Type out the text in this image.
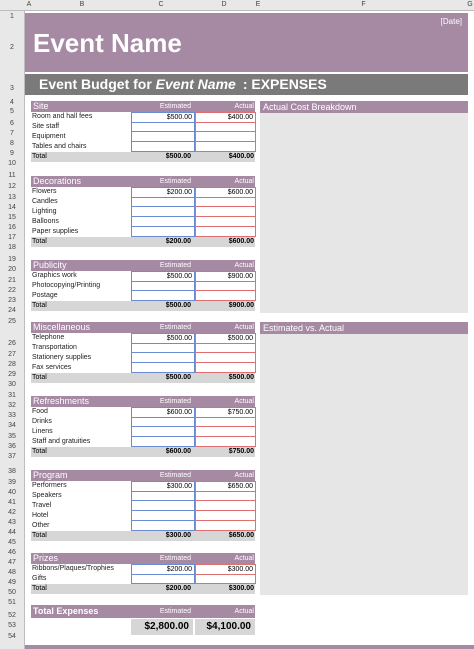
A	B	C	D	E	F	G
1
2
3
4
5
6
7
8
9
10
11
12
13
14
15
16
17
18
19
20
21
22
23
24
25
26
27
28
29
30
31
32
33
34
35
36
37
38
39
40
41
42
43
44
45
46
47
48
49
50
51
52
53
54
[Date]
Event Name
Event Budget for Event Name : EXPENSES
Site	Estimated	Actual
Room and hall fees	$500.00	$400.00
Site staff
Equipment
Tables and chairs
Total	$500.00	$400.00
Decorations	Estimated	Actual
Flowers	$200.00	$600.00
Candles
Lighting
Balloons
Paper supplies
Total	$200.00	$600.00
Publicity	Estimated	Actual
Graphics work	$500.00	$900.00
Photocopying/Printing
Postage
Total	$500.00	$900.00
Miscellaneous	Estimated	Actual
Telephone	$500.00	$500.00
Transportation
Stationery supplies
Fax services
Total	$500.00	$500.00
Refreshments	Estimated	Actual
Food	$600.00	$750.00
Drinks
Linens
Staff and gratuities
Total	$600.00	$750.00
Program	Estimated	Actual
Performers	$300.00	$650.00
Speakers
Travel
Hotel
Other
Total	$300.00	$650.00
Prizes	Estimated	Actual
Ribbons/Plaques/Trophies	$200.00	$300.00
Gifts
Total	$200.00	$300.00
Actual Cost Breakdown
Estimated vs. Actual
Total Expenses	Estimated	Actual
$2,800.00	$4,100.00
